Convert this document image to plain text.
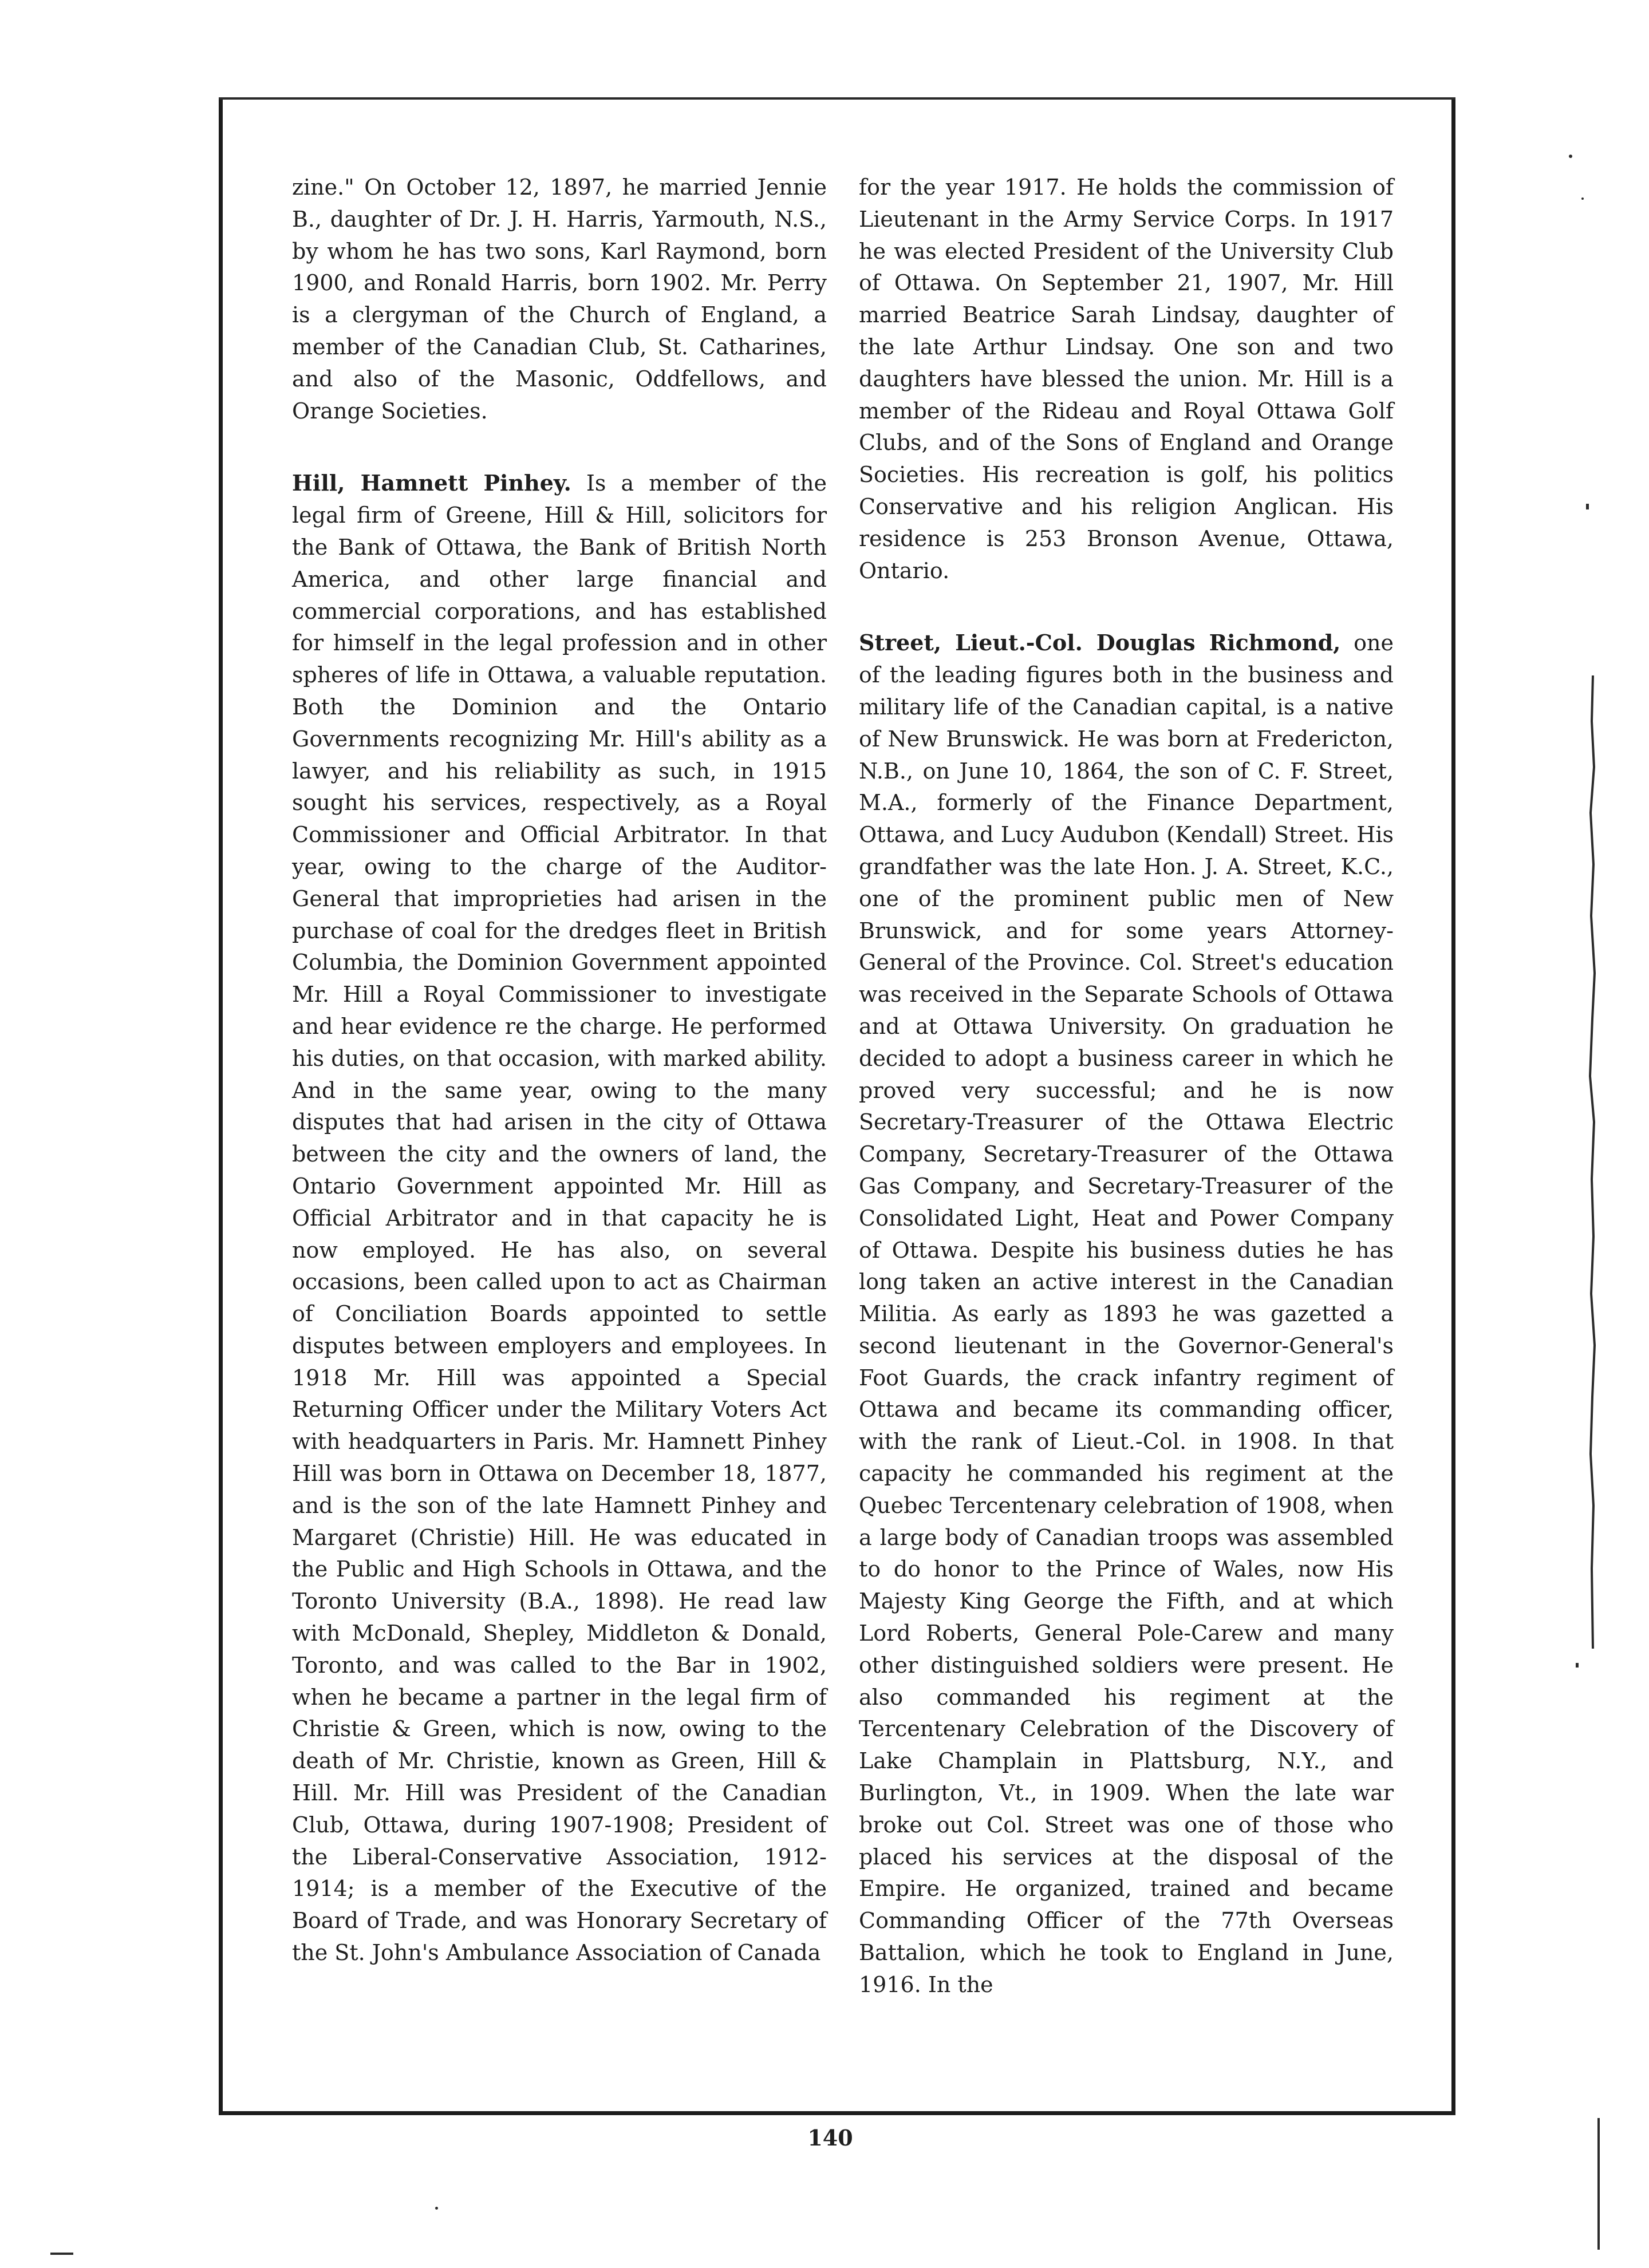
zine." On October 12, 1897, he married Jennie B., daughter of Dr. J. H. Harris, Yarmouth, N.S., by whom he has two sons, Karl Raymond, born 1900, and Ronald Harris, born 1902. Mr. Perry is a clergyman of the Church of England, a member of the Canadian Club, St. Catharines, and also of the Masonic, Oddfellows, and Orange Societies.

Hill, Hamnett Pinhey. Is a member of the legal firm of Greene, Hill & Hill, solicitors for the Bank of Ottawa, the Bank of British North America, and other large financial and commercial corporations, and has established for himself in the legal profession and in other spheres of life in Ottawa, a valuable reputation. Both the Dominion and the Ontario Governments recognizing Mr. Hill's ability as a lawyer, and his reliability as such, in 1915 sought his services, respectively, as a Royal Commissioner and Official Arbitrator. In that year, owing to the charge of the Auditor-General that improprieties had arisen in the purchase of coal for the dredges fleet in British Columbia, the Dominion Government appointed Mr. Hill a Royal Commissioner to investigate and hear evidence re the charge. He performed his duties, on that occasion, with marked ability. And in the same year, owing to the many disputes that had arisen in the city of Ottawa between the city and the owners of land, the Ontario Government appointed Mr. Hill as Official Arbitrator and in that capacity he is now employed. He has also, on several occasions, been called upon to act as Chairman of Conciliation Boards appointed to settle disputes between employers and employees. In 1918 Mr. Hill was appointed a Special Returning Officer under the Military Voters Act with headquarters in Paris. Mr. Hamnett Pinhey Hill was born in Ottawa on December 18, 1877, and is the son of the late Hamnett Pinhey and Margaret (Christie) Hill. He was educated in the Public and High Schools in Ottawa, and the Toronto University (B.A., 1898). He read law with McDonald, Shepley, Middleton & Donald, Toronto, and was called to the Bar in 1902, when he became a partner in the legal firm of Christie & Green, which is now, owing to the death of Mr. Christie, known as Green, Hill & Hill. Mr. Hill was President of the Canadian Club, Ottawa, during 1907-1908; President of the Liberal-Conservative Association, 1912-1914; is a member of the Executive of the Board of Trade, and was Honorary Secretary of the St. John's Ambulance Association of Canada

for the year 1917. He holds the commission of Lieutenant in the Army Service Corps. In 1917 he was elected President of the University Club of Ottawa. On September 21, 1907, Mr. Hill married Beatrice Sarah Lindsay, daughter of the late Arthur Lindsay. One son and two daughters have blessed the union. Mr. Hill is a member of the Rideau and Royal Ottawa Golf Clubs, and of the Sons of England and Orange Societies. His recreation is golf, his politics Conservative and his religion Anglican. His residence is 253 Bronson Avenue, Ottawa, Ontario.

Street, Lieut.-Col. Douglas Richmond, one of the leading figures both in the business and military life of the Canadian capital, is a native of New Brunswick. He was born at Fredericton, N.B., on June 10, 1864, the son of C. F. Street, M.A., formerly of the Finance Department, Ottawa, and Lucy Audubon (Kendall) Street. His grandfather was the late Hon. J. A. Street, K.C., one of the prominent public men of New Brunswick, and for some years Attorney-General of the Province. Col. Street's education was received in the Separate Schools of Ottawa and at Ottawa University. On graduation he decided to adopt a business career in which he proved very successful; and he is now Secretary-Treasurer of the Ottawa Electric Company, Secretary-Treasurer of the Ottawa Gas Company, and Secretary-Treasurer of the Consolidated Light, Heat and Power Company of Ottawa. Despite his business duties he has long taken an active interest in the Canadian Militia. As early as 1893 he was gazetted a second lieutenant in the Governor-General's Foot Guards, the crack infantry regiment of Ottawa and became its commanding officer, with the rank of Lieut.-Col. in 1908. In that capacity he commanded his regiment at the Quebec Tercentenary celebration of 1908, when a large body of Canadian troops was assembled to do honor to the Prince of Wales, now His Majesty King George the Fifth, and at which Lord Roberts, General Pole-Carew and many other distinguished soldiers were present. He also commanded his regiment at the Tercentenary Celebration of the Discovery of Lake Champlain in Plattsburg, N.Y., and Burlington, Vt., in 1909. When the late war broke out Col. Street was one of those who placed his services at the disposal of the Empire. He organized, trained and became Commanding Officer of the 77th Overseas Battalion, which he took to England in June, 1916. In the

140
